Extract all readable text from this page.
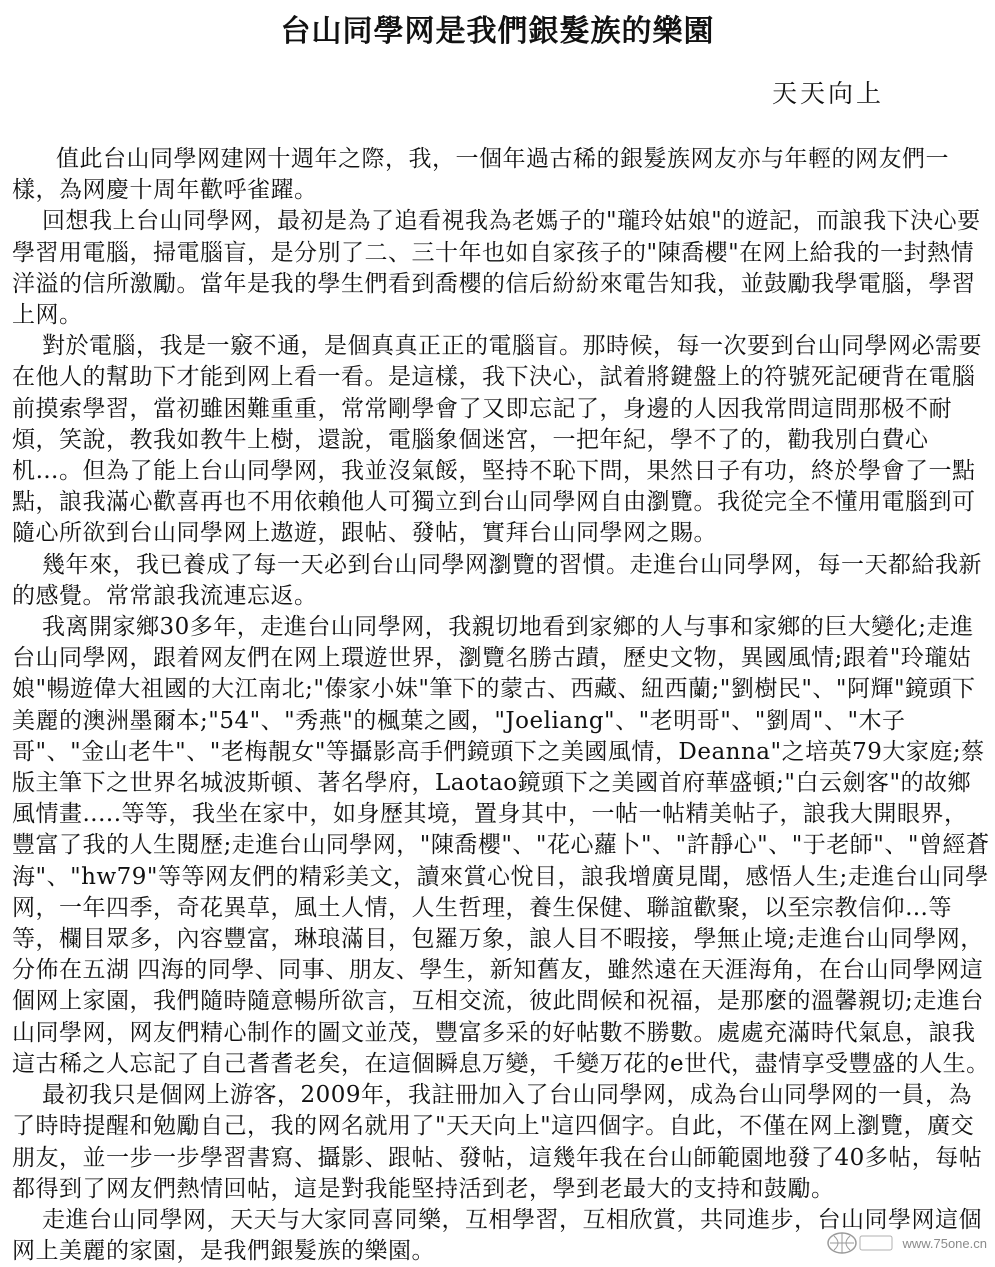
台山同學网是我們銀髮族的樂園
天天向上

值此台山同學网建网十週年之際，我，一個年過古稀的銀髮族网友亦与年輕的网友們一樣，為网慶十周年歡呼雀躍。

回想我上台山同學网，最初是為了追看視我為老媽子的"瓏玲姑娘"的遊記，而誏我下決心要學習用電腦，掃電腦盲，是分別了二、三十年也如自家孩子的"陳喬櫻"在网上給我的一封熱情洋溢的信所激勵。當年是我的學生們看到喬櫻的信后紛紛來電告知我，並鼓勵我學電腦，學習上网。

對於電腦，我是一竅不通，是個真真正正的電腦盲。那時候，每一次要到台山同學网必需要在他人的幫助下才能到网上看一看。是這樣，我下決心，試着將鍵盤上的符號死記硬背在電腦前摸索學習，當初雖困難重重，常常剛學會了又即忘記了，身邊的人因我常問這問那极不耐煩，笑說，教我如教牛上樹，還說，電腦象個迷宮，一把年紀，學不了的，勸我別白費心机…。但為了能上台山同學网，我並沒氣餒，堅持不恥下問，果然日子有功，終於學會了一點點，誏我滿心歡喜再也不用依賴他人可獨立到台山同學网自由瀏覽。我從完全不懂用電腦到可隨心所欲到台山同學网上遨遊，跟帖、發帖，實拜台山同學网之賜。

幾年來，我已養成了每一天必到台山同學网瀏覽的習慣。走進台山同學网，每一天都給我新的感覺。常常誏我流連忘返。

我离開家鄉30多年，走進台山同學网，我親切地看到家鄉的人与事和家鄉的巨大變化;走進台山同學网，跟着网友們在网上環遊世界，瀏覽名勝古蹟，歷史文物，異國風情;跟着"玲瓏姑娘"暢遊偉大祖國的大江南北;"傣家小妹"筆下的蒙古、西藏、紐西蘭;"劉樹民"、"阿輝"鏡頭下美麗的澳洲墨爾本;"54"、"秀燕"的楓葉之國，"Joeliang"、"老明哥"、"劉周"、"木子哥"、"金山老牛"、"老梅靚女"等攝影高手們鏡頭下之美國風情，Deanna"之培英79大家庭;蔡版主筆下之世界名城波斯頓、著名學府，Laotao鏡頭下之美國首府華盛頓;"白云劍客"的故鄉風情畫.....等等，我坐在家中，如身歷其境，置身其中，一帖一帖精美帖子，誏我大開眼界，豐富了我的人生閱歷;走進台山同學网，"陳喬櫻"、"花心蘿卜"、"許靜心"、"于老師"、"曾經蒼海"、"hw79"等等网友們的精彩美文，讀來賞心悅目，誏我增廣見聞，感悟人生;走進台山同學网，一年四季，奇花異草，風土人情，人生哲理，養生保健、聯誼歡聚，以至宗教信仰…等等，欄目眾多，內容豐富，琳琅滿目，包羅万象，誏人目不暇接，學無止境;走進台山同學网，分佈在五湖 四海的同學、同事、朋友、學生，新知舊友，雖然遠在天涯海角，在台山同學网這個网上家園，我們隨時隨意暢所欲言，互相交流，彼此問候和祝福，是那麼的溫馨親切;走進台山同學网，网友們精心制作的圖文並茂，豐富多采的好帖數不勝數。處處充滿時代氣息，誏我這古稀之人忘記了自己耆耆老矣，在這個瞬息万變，千變万花的e世代，盡情享受豐盛的人生。

最初我只是個网上游客，2009年，我註冊加入了台山同學网，成為台山同學网的一員，為了時時提醒和勉勵自己，我的网名就用了"天天向上"這四個字。自此，不僅在网上瀏覽，廣交朋友，並一步一步學習書寫、攝影、跟帖、發帖，這幾年我在台山師範園地發了40多帖，每帖都得到了网友們熱情回帖，這是對我能堅持活到老，學到老最大的支持和鼓勵。

走進台山同學网，天天与大家同喜同樂，互相學習，互相欣賞，共同進步，台山同學网這個网上美麗的家園，是我們銀髮族的樂園。	www.75one.cn
